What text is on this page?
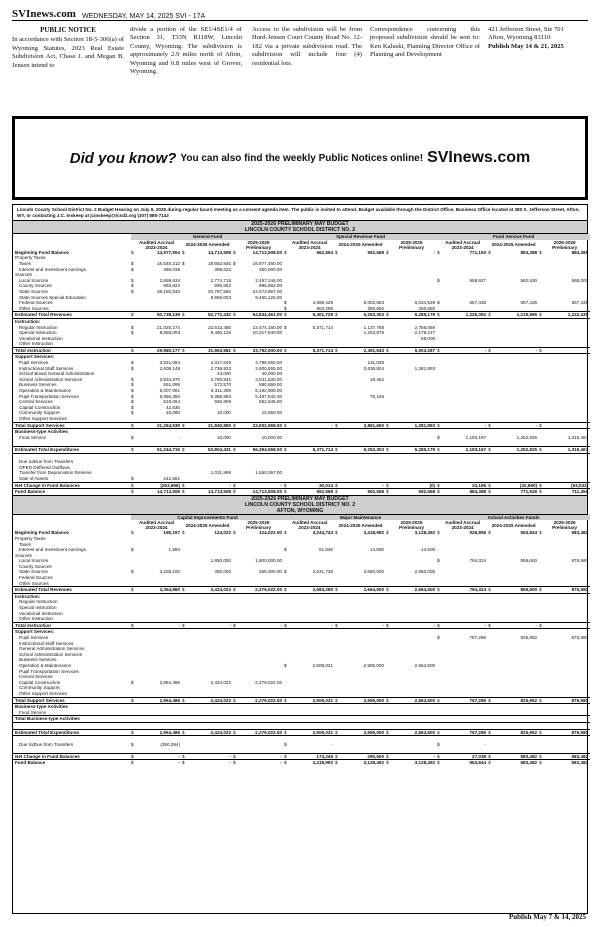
SVInews.com WEDNESDAY, MAY 14, 2025 SVI - 17A

PUBLIC NOTICE

In accordance with Section 18-5-306(a) of Wyoming Statutes, 2023 Real Estate Subdivision Act, Chase J. and Megan B. Jensen intend to

divide a portion of the SE1/4SE1/4 of Section 31, T33N R118W, Lincoln County, Wyoming. The subdivision is approximately 2.9 miles north of Afton, Wyoming and 0.8 miles west of Grover, Wyoming.

Access to the subdivision will be from Hurd-Jensen Court County Road No. 12-182 via a private subdivision road. The subdivision will include four (4) residential lots.

Correspondence concerning this proposed subdivision should be sent to: Ken Kaluski, Planning Director Office of Planning and Development

421 Jefferson Street, Ste 701

Afton, Wyoming 83110

Publish May 14 & 21, 2025

Did you know? You can also find the weekly Public Notices online! SVInews.com
Lincoln County School District No. 2 Budget Hearing on July 9, 2025 during regular board meeting as a consent agenda item. The public is invited to attend. Budget available through the District Office, Business Office located at 380 S. Jefferson Street, Afton, WY, or contacting J.C. Inskeep at jcinskeep@lcsd2.org (307) 885-7142
2025-2026 PRELIMINARY MAY BUDGET
LINCOLN COUNTY SCHOOL DISTRICT NO. 2
	General Fund						Special Revenue Fund						Food Service Fund					
	Audited Accrual 2023-2024		2024-2025 Amended		2025-2026 Preliminary		Audited Accrual 2023-2024		2024-2025 Amended		2025-2026 Preliminary		Audited Accrual 2023-2024		2024-2025 Amended		2025-2026 Preliminary	
Beginning Fund Balance	$	14,977,504	$	14,713,508	$	14,713,508.00	$	562,554	$	592,568	$	-	$	771,193	$	884,388	$	884,388
Property Taxes																		
Taxes	$	18,548,212	$	18,663,845	$	16,977,460.00												
Interest and Investment earnings	$	385,038		399,622		350,000.00												
Sources																		
Local Sources	$	2,659,634		2,774,718		2,497,246.00							$	558,927		562,530		565,000
County Sources	$	993,822		995,652		995,662.00												
State Sources	$	28,150,533		20,787,582		24,573,967.00												
State Sources Special Education				8,955,003		9,450,126.00												
Federal Sources							$	4,598,429		6,002,653		6,034,529	$	667,435		657,435		657,435
Other Sources							$	803,299		250,650		250,650						
Estimated Total Revenues	$	50,738,139	$	52,772,432	$	54,844,461.00	$	5,401,728	$	6,253,303	$	6,285,179	$	1,226,362	$	1,219,965	$	1,222,435
Instruction:																		
Regular Instruction	$	21,025,174		22,513,455		23,474,160.00	$	5,371,714		1,137,768		2,756,069						
Special Instruction	$	8,955,003		9,450,126		10,317,840.00				1,253,875		2,179,217						
Vocational Instruction												68,000						
Other Instruction																		
Total Instruction	$	29,980,177	$	31,963,581	$	33,792,000.00	$	5,371,714	$	2,391,643	$	5,003,287	$	-	$	-	$	-
Support Services:																		
Pupil Services	$	3,921,084		4,317,645		4,786,060.00				131,025								
Instructional Staff Services	$	2,609,149		2,739,933		2,800,555.00				3,636,924		1,281,893						
School Board General Administration				44,000		40,000.00												
School Administration Services	$	2,534,970		2,760,841		3,041,530.00				18,462								
Business Services	$	551,095		573,570		580,559.00												
Operation & Maintenance	$	5,007,991		5,311,309		5,192,908.00												
Pupil Transportation Services	$	5,966,350		5,396,853		5,497,642.00				75,249								
Central Services	$	616,064		666,809		652,645.00												
Capital Construction	$	42,536																
Community Support	$	15,090		10,000		10,650.00												
Other Support Services																		
Total Support Services	$	21,264,539	$	21,840,850	$	22,602,558.00	$	-	$	3,861,660	$	1,281,893	$	-	$	-	$	-
Business-type Activities																		
Food Service	$	-		10,000		10,000.00							$	1,193,167		1,252,825		1,315,467

Estimated Total Expenditures	$	51,244,716	$	53,804,431	$	56,394,558.00	$	5,371,714	$	6,253,303	$	6,285,179	$	1,193,167	$	1,252,825	$	1,315,467

Due to/Due from Transfers																		
OPED Deffered Outflows																		
Transfer from Depreciation Reserve				1,031,999		1,550,097.00												
Sale of Assets	$	242,581																
Net Change in Fund Balances	$	(263,996)	$	-	$	-	$	30,014	$	-	$	(0)	$	33,195	$	(32,860)	$	(93,032)
Fund Balance	$	14,713,508	$	14,713,508	$	14,713,508.00	$	592,568	$	592,568	$	592,568	$	884,388	$	771,528	$	711,356
2025-2026 PRELIMINARY MAY BUDGET
LINCOLN COUNTY SCHOOL DISTRICT NO. 2
AFTON, WYOMING
	Capital Improvements Fund						Major Maintenance						School Activities Funds					
	Audited Accrual 2023-2024		2024-2025 Amended		2025-2026 Preliminary		Audited Accrual 2023-2024		2024-2025 Amended		2025-2026 Preliminary		Audited Accrual 2023-2024		2024-2025 Amended		2025-2026 Preliminary	
Beginning Fund Balance	$	195,197	$	124,022	$	124,022.00	$	3,244,743	$	3,418,992	$	3,128,492	$	526,806	$	553,844	$	583,482
Property Taxes																		
Taxes																		
Interest and Investment earnings	$	1,583					$	51,545		14,500		14,500						
Sources																		
Local Sources				1,850,000		1,900,000.00							$	794,324		855,600		876,580
County Sources																		
State Sources	$	3,158,100		450,000		255,000.00	$	2,631,735		2,650,000		2,650,000						
Federal Sources																		
Other Sources																		
Estimated Total Revenues	$	3,354,880	$	2,424,022	$	2,279,022.00	$	2,683,280	$	2,664,500	$	2,664,500	$	794,324	$	855,600	$	876,580
Instruction:																		
Regular Instruction																		
Special Instruction																		
Vocational Instruction																		
Other Instruction																		
Total Instruction	$	-	$	-	$	-	$	-	$	-	$	-	$	-	$	-	$	-
Support Services:																		
Pupil Services													$	767,286		825,962		876,580
Instructional Staff Services																		
General Administration Services																		
School Administration Services																		
Business Services																		
Operation & Maintenance							$	2,509,031		2,955,000		2,664,500						
Pupil Transportation Services																		
Central Services																		
Capital Construction	$	2,964,486		2,424,022		2,279,022.00												
Community Support																		
Other Support Services																		
Total Support Services	$	2,964,486	$	2,424,022	$	2,279,022.00	$	2,509,031	$	2,955,000	$	2,664,500	$	767,286	$	825,962	$	876,580
Business-type Activities																		
Food Service																		
Total Business-type Activities																		

Estimated Total Expenditures	$	2,964,486	$	2,424,022	$	2,279,022.00	$	2,509,031	$	2,955,000	$	2,664,500	$	767,286	$	825,962	$	876,580

Due to/Due from Transfers	$	(390,394)					$	-					$	-				

Net Change in Fund Balances	$	-	$	-	$	-	$	174,249	$	290,500	$	-	$	27,038	$	583,482	$	583,482
Fund Balance	$	-	$	-	$	-	$	3,418,992	$	3,128,492	$	3,128,492	$	553,844	$	583,482	$	583,482
Publish May 7 & 14, 2025
